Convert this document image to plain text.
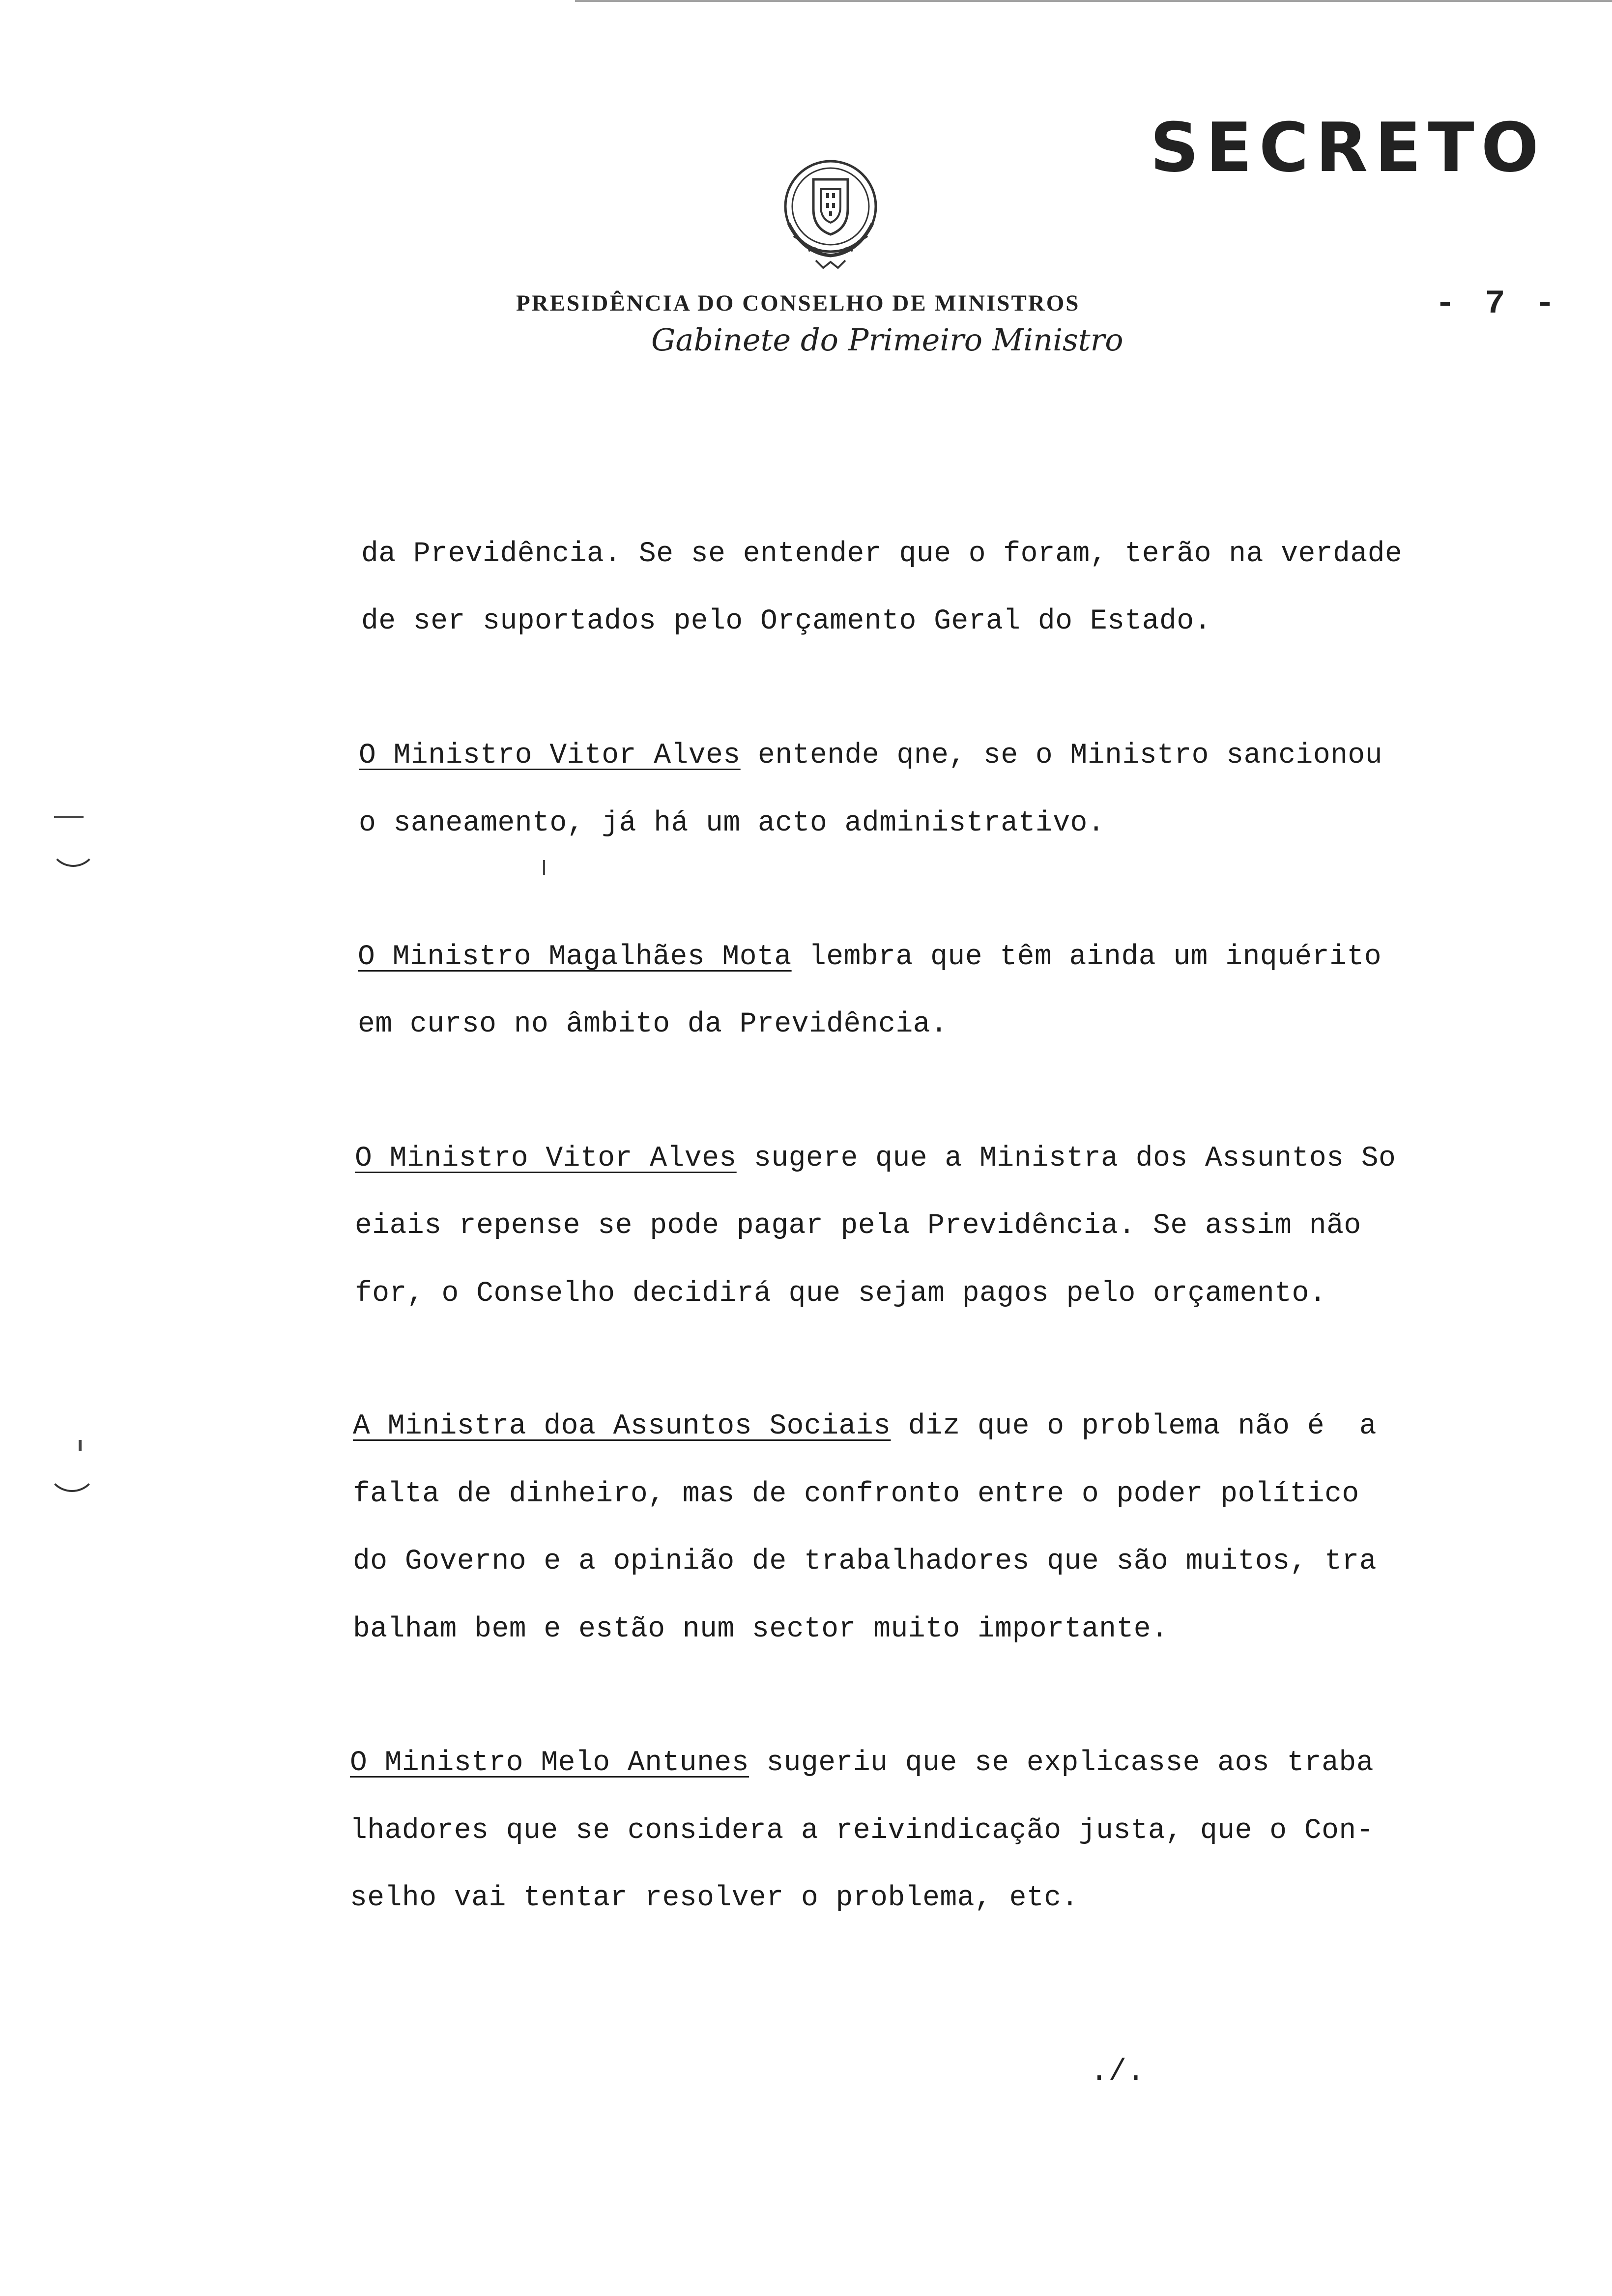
SECRETO
PRESIDÊNCIA DO CONSELHO DE MINISTROS
Gabinete do Primeiro Ministro
- 7 -
da Previdência. Se se entender que o foram, terão na verdade
de ser suportados pelo Orçamento Geral do Estado.
O Ministro Vitor Alves entende qne, se o Ministro sancionou
o saneamento, já há um acto administrativo.
O Ministro Magalhães Mota lembra que têm ainda um inquérito
em curso no âmbito da Previdência.
O Ministro Vitor Alves sugere que a Ministra dos Assuntos So
eiais repense se pode pagar pela Previdência. Se assim não
for, o Conselho decidirá que sejam pagos pelo orçamento.
A Ministra doa Assuntos Sociais diz que o problema não é  a
falta de dinheiro, mas de confronto entre o poder político
do Governo e a opinião de trabalhadores que são muitos, tra
balham bem e estão num sector muito importante.
O Ministro Melo Antunes sugeriu que se explicasse aos traba
lhadores que se considera a reivindicação justa, que o Con-
selho vai tentar resolver o problema, etc.
./.
